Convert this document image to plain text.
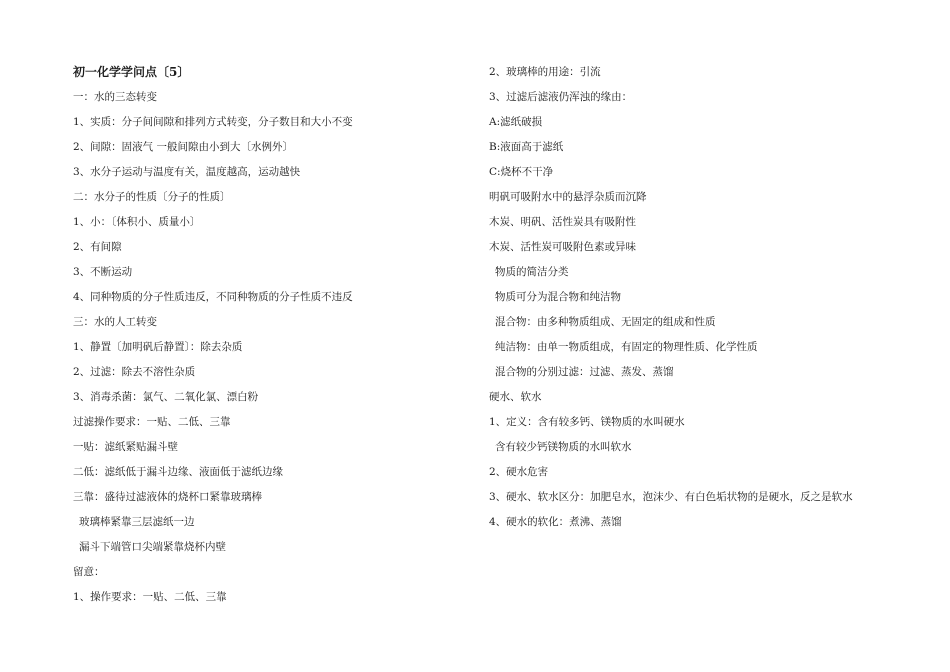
初一化学学问点〔5〕
一：水的三态转变
1、实质：分子间间隙和排列方式转变，分子数目和大小不变
2、间隙：固液气 一般间隙由小到大〔水例外〕
3、水分子运动与温度有关，温度越高，运动越快
二：水分子的性质〔分子的性质〕
1、小：〔体积小、质量小〕
2、有间隙
3、不断运动
4、同种物质的分子性质违反，不同种物质的分子性质不违反
三：水的人工转变
1、静置〔加明矾后静置〕：除去杂质
2、过滤：除去不溶性杂质
3、消毒杀菌：氯气、二氧化氯、漂白粉
过滤操作要求：一贴、二低、三靠
一贴：滤纸紧贴漏斗壁
二低：滤纸低于漏斗边缘、液面低于滤纸边缘
三靠：盛待过滤液体的烧杯口紧靠玻璃棒
玻璃棒紧靠三层滤纸一边
漏斗下端管口尖端紧靠烧杯内壁
留意：
1、操作要求：一贴、二低、三靠
2、玻璃棒的用途：引流
3、过滤后滤液仍浑浊的缘由：
A:滤纸破损
B:液面高于滤纸
C:烧杯不干净
明矾可吸附水中的悬浮杂质而沉降
木炭、明矾、活性炭具有吸附性
木炭、活性炭可吸附色素或异味
物质的简洁分类
物质可分为混合物和纯洁物
混合物：由多种物质组成、无固定的组成和性质
纯洁物：由单一物质组成，有固定的物理性质、化学性质
混合物的分别过滤：过滤、蒸发、蒸馏
硬水、软水
1、定义：含有较多钙、镁物质的水叫硬水
含有较少钙镁物质的水叫软水
2、硬水危害
3、硬水、软水区分：加肥皂水，泡沫少、有白色垢状物的是硬水，反之是软水
4、硬水的软化：煮沸、蒸馏
